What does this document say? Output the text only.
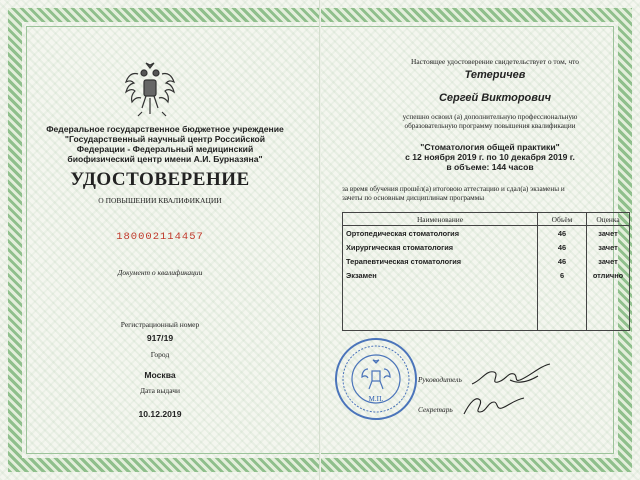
Федеральное государственное бюджетное учреждение
"Государственный научный центр Российской
Федерации - Федеральный медицинский
биофизический центр имени А.И. Бурназяна"
УДОСТОВЕРЕНИЕ
О ПОВЫШЕНИИ КВАЛИФИКАЦИИ
180002114457
Документ о квалификации
Регистрационный номер
917/19
Город
Москва
Дата выдачи
10.12.2019
Настоящее удостоверение свидетельствует о том, что
Тетеричев
Сергей Викторович
успешно освоил (а) дополнительную профессиональную
образовательную программу повышения квалификации
"Стоматология общей практики"
с 12 ноября 2019 г. по 10 декабря 2019 г.
в объеме: 144 часов
за время обучения прошёл(а) итоговою аттестацию и сдал(а) экзамены и
зачеты по основным дисциплинам программы
Наименование	Объём	Оценка
Ортопедическая стоматология	46	зачет
Хирургическая стоматология	46	зачет
Терапевтическая стоматология	46	зачет
Экзамен	6	отлично

М.П.
Руководитель
Секретарь
